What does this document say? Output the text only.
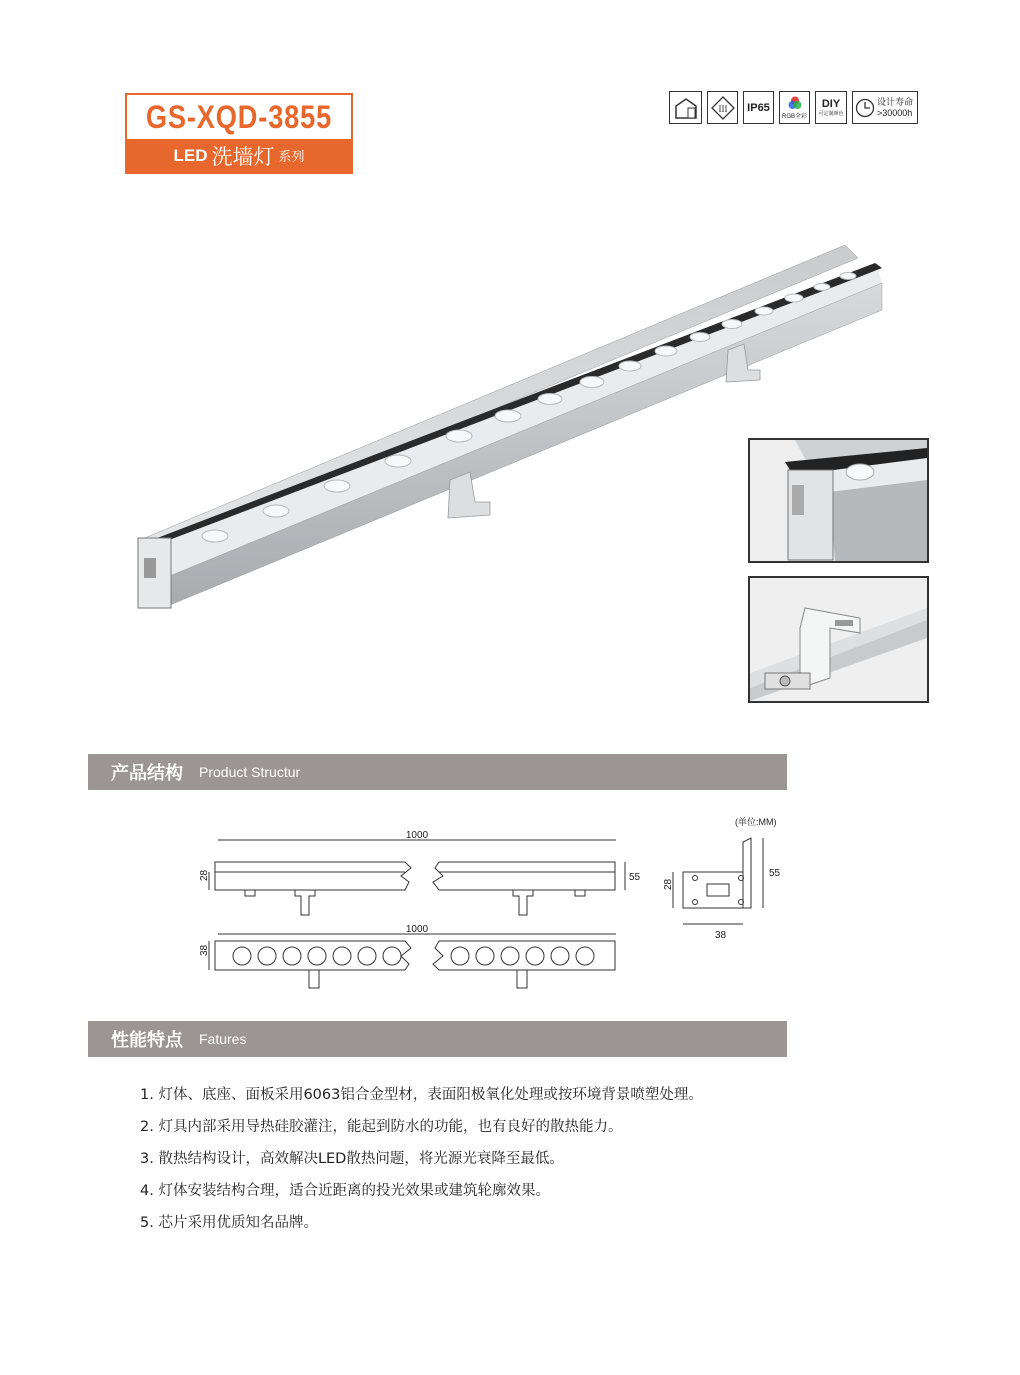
GS-XQD-3855
LED 洗墙灯 系列
III	IP65
RGB全彩
DIY
可定制颜色
设计寿命
>30000h
产品结构 Product Structur
1000
28	55
1000
38
(单位:MM)
55
28
38
性能特点 Fatures
1. 灯体、底座、面板采用6063铝合金型材，表面阳极氧化处理或按环境背景喷塑处理。
2. 灯具内部采用导热硅胶灌注，能起到防水的功能，也有良好的散热能力。
3. 散热结构设计，高效解决LED散热问题，将光源光衰降至最低。
4. 灯体安装结构合理，适合近距离的投光效果或建筑轮廓效果。
5. 芯片采用优质知名品牌。
